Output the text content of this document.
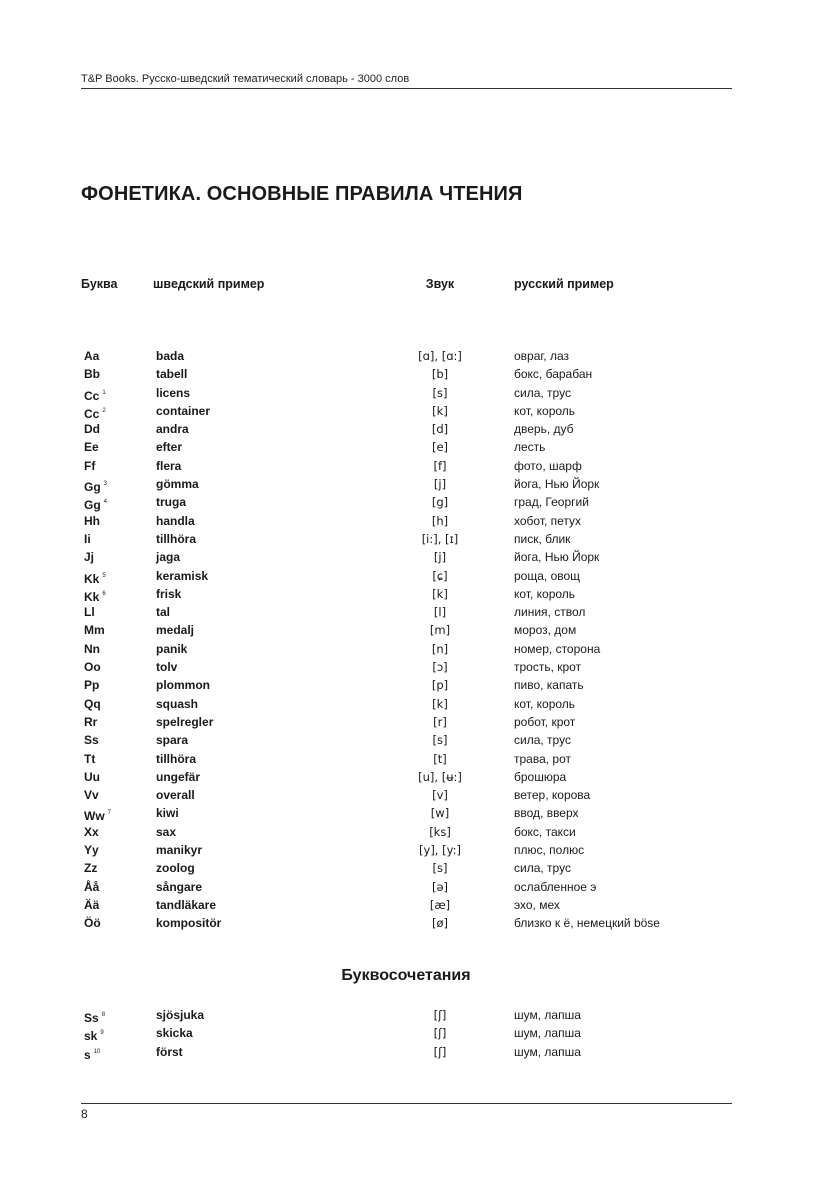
T&P Books. Русско-шведский тематический словарь - 3000 слов
ФОНЕТИКА. ОСНОВНЫЕ ПРАВИЛА ЧТЕНИЯ
Буква	шведский пример	Звук	русский пример
Aa	bada	[ɑ], [ɑ:]	овраг, лаз
Bb	tabell	[b]	бокс, барабан
Cc $^1$	licens	[s]	сила, трус
Cc $^2$	container	[k]	кот, король
Dd	andra	[d]	дверь, дуб
Ee	efter	[e]	лесть
Ff	flera	[f]	фото, шарф
Gg $^3$	gömma	[j]	йога, Нью Йорк
Gg $^4$	truga	[g]	град, Георгий
Hh	handla	[h]	хобот, петух
Ii	tillhöra	[i:], [ɪ]	писк, блик
Jj	jaga	[j]	йога, Нью Йорк
Kk $^5$	keramisk	[ɕ]	роща, овощ
Kk $^6$	frisk	[k]	кот, король
Ll	tal	[l]	линия, ствол
Mm	medalj	[m]	мороз, дом
Nn	panik	[n]	номер, сторона
Oo	tolv	[ɔ]	трость, крот
Pp	plommon	[p]	пиво, капать
Qq	squash	[k]	кот, король
Rr	spelregler	[r]	робот, крот
Ss	spara	[s]	сила, трус
Tt	tillhöra	[t]	трава, рот
Uu	ungefär	[u], [ʉ:]	брошюра
Vv	overall	[v]	ветер, корова
Ww $^7$	kiwi	[w]	ввод, вверх
Xx	sax	[ks]	бокс, такси
Yy	manikyr	[y], [y:]	плюс, полюс
Zz	zoolog	[s]	сила, трус
Åå	sångare	[ə]	ослабленное э
Ää	tandläkare	[æ]	эхо, мех
Öö	kompositör	[ø]	близко к ё, немецкий böse
Буквосочетания
Ss $^8$	sjösjuka	[ʃ]	шум, лапша
sk $^9$	skicka	[ʃ]	шум, лапша
s $^{10}$	först	[ʃ]	шум, лапша
8
